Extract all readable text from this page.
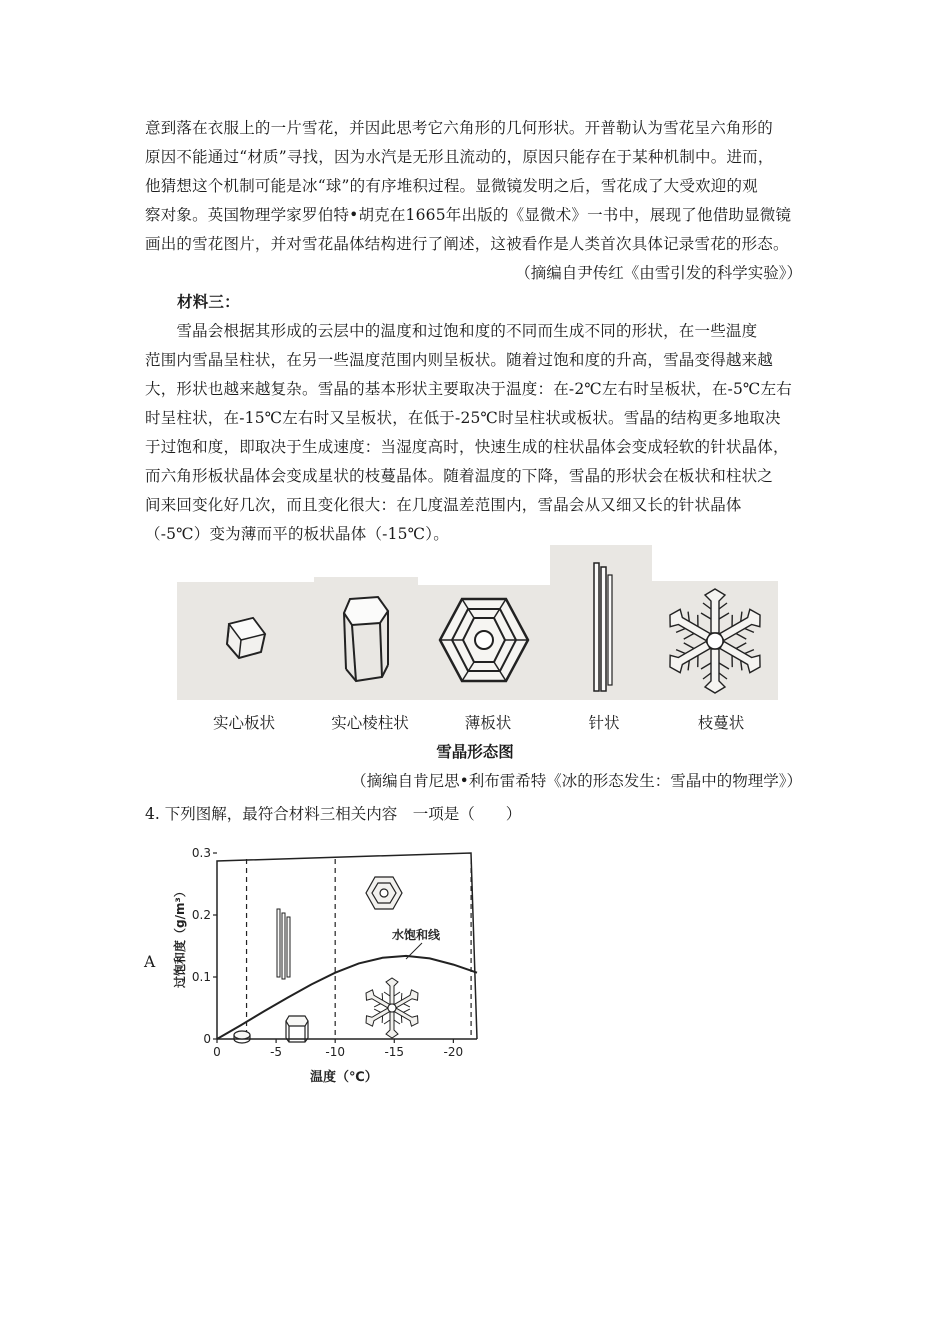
意到落在衣服上的一片雪花，并因此思考它六角形的几何形状。开普勒认为雪花呈六角形的
原因不能通过“材质”寻找，因为水汽是无形且流动的，原因只能存在于某种机制中。进而，
他猜想这个机制可能是冰“球”的有序堆积过程。显微镜发明之后，雪花成了大受欢迎的观
察对象。英国物理学家罗伯特•胡克在1665年出版的《显微术》一书中，展现了他借助显微镜
画出的雪花图片，并对雪花晶体结构进行了阐述，这被看作是人类首次具体记录雪花的形态。
（摘编自尹传红《由雪引发的科学实验》）
材料三：
　　雪晶会根据其形成的云层中的温度和过饱和度的不同而生成不同的形状，在一些温度
范围内雪晶呈柱状，在另一些温度范围内则呈板状。随着过饱和度的升高，雪晶变得越来越
大，形状也越来越复杂。雪晶的基本形状主要取决于温度：在-2℃左右时呈板状，在-5℃左右
时呈柱状，在-15℃左右时又呈板状，在低于-25℃时呈柱状或板状。雪晶的结构更多地取决
于过饱和度，即取决于生成速度：当湿度高时，快速生成的柱状晶体会变成轻软的针状晶体，
而六角形板状晶体会变成星状的枝蔓晶体。随着温度的下降，雪晶的形状会在板状和柱状之
间来回变化好几次，而且变化很大：在几度温差范围内，雪晶会从又细又长的针状晶体
（-5℃）变为薄而平的板状晶体（-15℃）。
实心板状	实心棱柱状	薄板状	针状	枝蔓状
雪晶形态图
（摘编自肯尼思•利布雷希特《冰的形态发生：雪晶中的物理学》）
4. 下列图解，最符合材料三相关内容　一项是（　　）
A
0	-5	-10	-15	-20
0
0.1
0.2
0.3
水饱和线
温度（℃）
过饱和度（g/m³）
